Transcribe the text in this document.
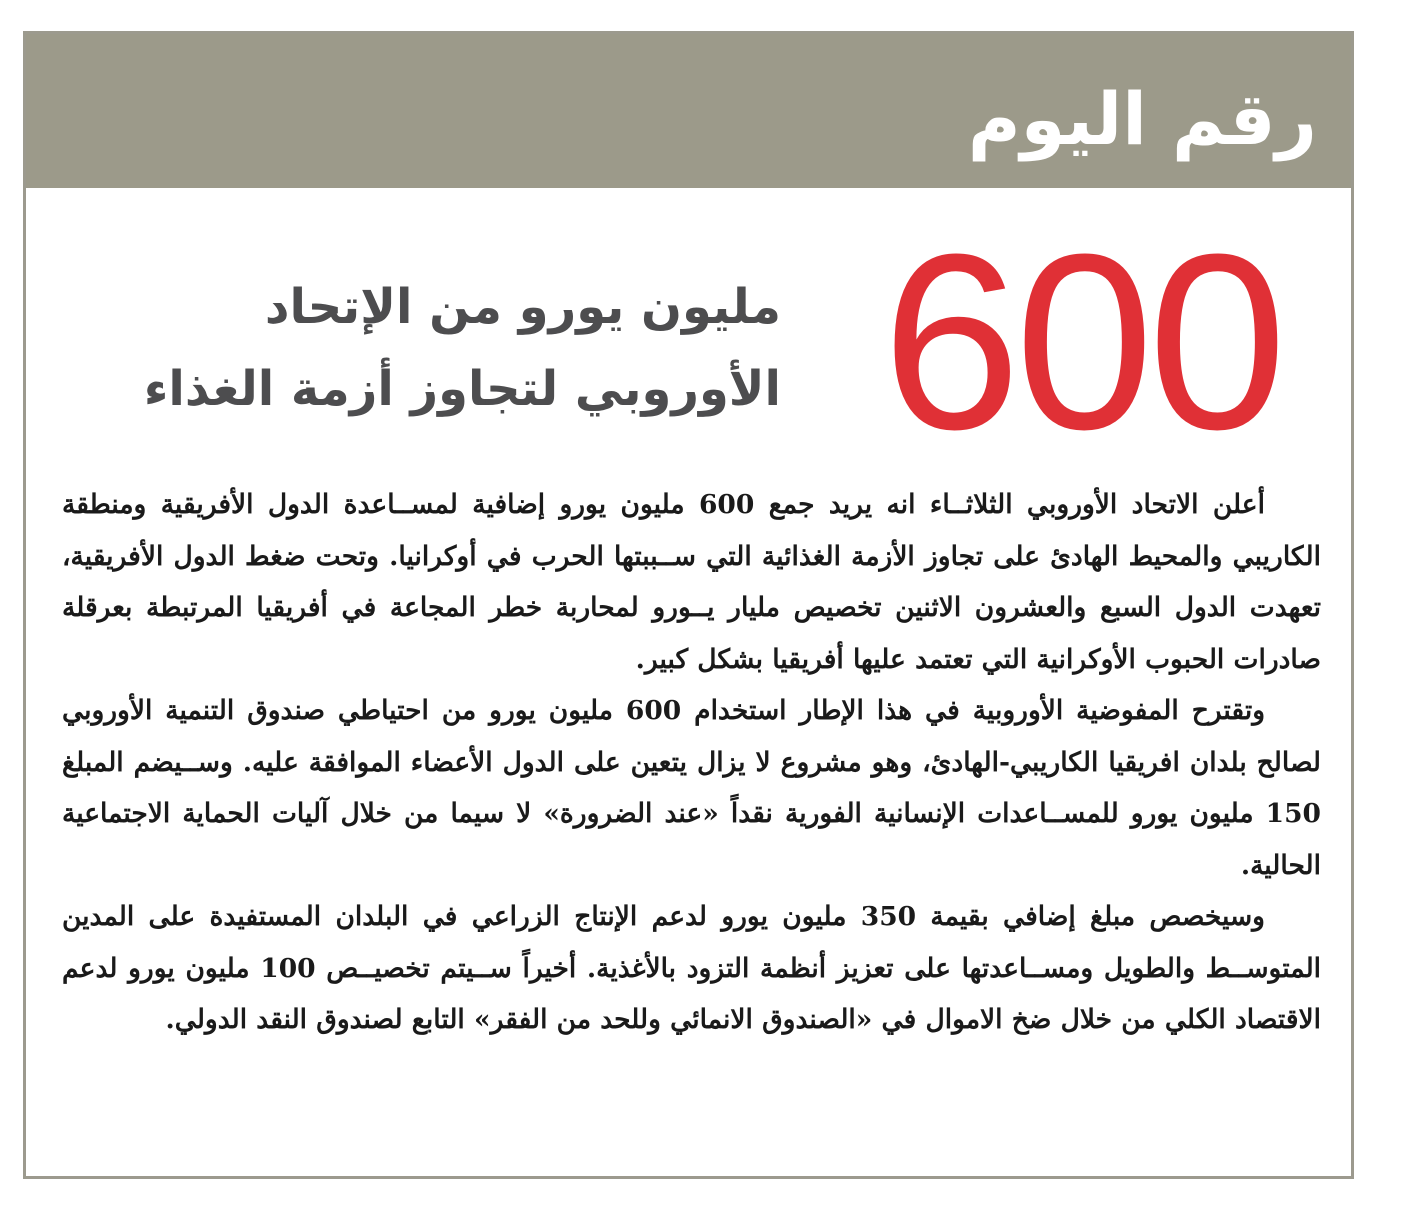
رقم اليوم
600
مليون يورو من الإتحاد
الأوروبي لتجاوز أزمة الغذاء

أعلن الاتحاد الأوروبي الثلاثــاء انه يريد جمع 600 مليون يورو إضافية لمســاعدة الدول الأفريقية ومنطقة الكاريبي والمحيط الهادئ على تجاوز الأزمة الغذائية التي ســببتها الحرب في أوكرانيا. وتحت ضغط الدول الأفريقية، تعهدت الدول السبع والعشرون الاثنين تخصيص مليار يــورو لمحاربة خطر المجاعة في أفريقيا المرتبطة بعرقلة صادرات الحبوب الأوكرانية التي تعتمد عليها أفريقيا بشكل كبير.

وتقترح المفوضية الأوروبية في هذا الإطار استخدام 600 مليون يورو من احتياطي صندوق التنمية الأوروبي لصالح بلدان افريقيا الكاريبي-الهادئ، وهو مشروع لا يزال يتعين على الدول الأعضاء الموافقة عليه. وســيضم المبلغ 150 مليون يورو للمســاعدات الإنسانية الفورية نقداً «عند الضرورة» لا سيما من خلال آليات الحماية الاجتماعية الحالية.

وسيخصص مبلغ إضافي بقيمة 350 مليون يورو لدعم الإنتاج الزراعي في البلدان المستفيدة على المدين المتوســط والطويل ومســاعدتها على تعزيز أنظمة التزود بالأغذية. أخيراً ســيتم تخصيــص 100 مليون يورو لدعم الاقتصاد الكلي من خلال ضخ الاموال في «الصندوق الانمائي وللحد من الفقر» التابع لصندوق النقد الدولي.
